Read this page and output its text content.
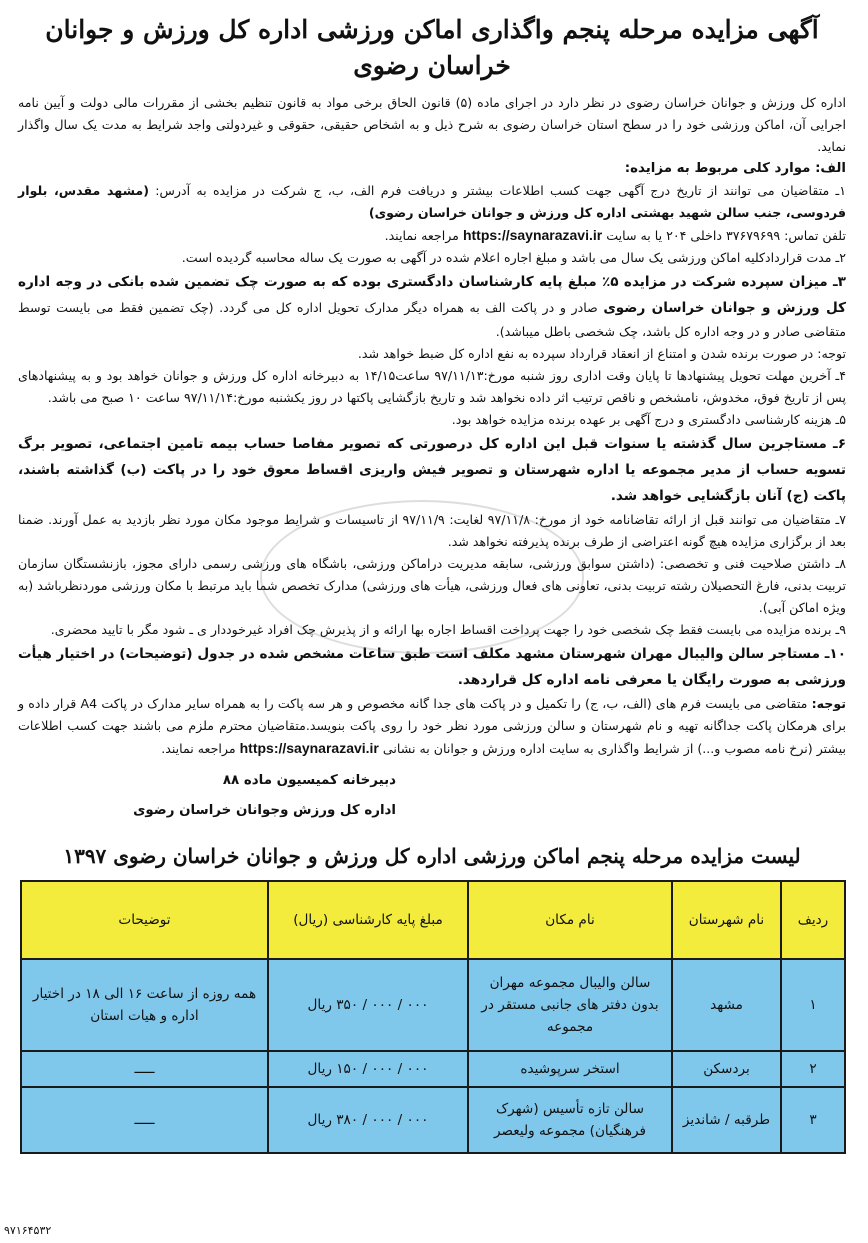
آگهی مزایده مرحله پنجم واگذاری اماکن ورزشی اداره کل ورزش و جوانان خراسان رضوی

اداره کل ورزش و جوانان خراسان رضوی در نظر دارد در اجرای ماده (۵) قانون الحاق برخی مواد به قانون تنظیم بخشی از مقررات مالی دولت و آیین نامه اجرایی آن، اماکن ورزشی خود را در سطح استان خراسان رضوی به شرح ذیل و به اشخاص حقیقی، حقوقی و غیردولتی واجد شرایط به مدت یک سال واگذار نماید.

الف: موارد کلی مربوط به مزایده:

۱ـ متقاضیان می توانند از تاریخ درج آگهی جهت کسب اطلاعات بیشتر و دریافت فرم الف، ب، ج شرکت در مزایده به آدرس: (مشهد مقدس، بلوار فردوسی، جنب سالن شهید بهشتی اداره کل ورزش و جوانان خراسان رضوی)
تلفن تماس: ۳۷۶۷۹۶۹۹ داخلی ۲۰۴ یا به سایت https://saynarazavi.ir مراجعه نمایند.

۲ـ مدت قراردادکلیه اماکن ورزشی یک سال می باشد و مبلغ اجاره اعلام شده در آگهی به صورت یک ساله محاسبه گردیده است.

۳ـ میزان سپرده شرکت در مزایده ۵٪ مبلغ پایه کارشناسان دادگستری بوده که به صورت چک تضمین شده بانکی در وجه اداره کل ورزش و جوانان خراسان رضوی صادر و در پاکت الف به همراه دیگر مدارک تحویل اداره کل می گردد. (چک تضمین فقط می بایست توسط متقاضی صادر و در وجه اداره کل باشد، چک شخصی باطل میباشد).

توجه: در صورت برنده شدن و امتناع از انعقاد قرارداد سپرده به نفع اداره کل ضبط خواهد شد.

۴ـ آخرین مهلت تحویل پیشنهادها تا پایان وقت اداری روز شنبه مورخ:۹۷/۱۱/۱۳ ساعت۱۴/۱۵ به دبیرخانه اداره کل ورزش و جوانان خواهد بود و به پیشنهادهای پس از تاریخ فوق، مخدوش، نامشخص و ناقص ترتیب اثر داده نخواهد شد و تاریخ بازگشایی پاکتها در روز یکشنبه مورخ:۹۷/۱۱/۱۴ ساعت ۱۰ صبح می باشد.

۵ـ هزینه کارشناسی دادگستری و درج آگهی بر عهده برنده مزایده خواهد بود.

۶ـ مستاجرین سال گذشته یا سنوات قبل این اداره کل درصورتی که تصویر مفاصا حساب بیمه تامین اجتماعی، تصویر برگ تسویه حساب از مدیر مجموعه یا اداره شهرستان و تصویر فیش واریزی اقساط معوق خود را در پاکت (ب) گذاشته باشند، پاکت (ج) آنان بازگشایی خواهد شد.

۷ـ متقاضیان می توانند قبل از ارائه تقاضانامه خود از مورخ: ۹۷/۱۱/۸ لغایت: ۹۷/۱۱/۹ از تاسیسات و شرایط موجود مکان مورد نظر بازدید به عمل آورند. ضمنا بعد از برگزاری مزایده هیچ گونه اعتراضی از طرف برنده پذیرفته نخواهد شد.

۸ـ داشتن صلاحیت فنی و تخصصی: (داشتن سوابق ورزشی، سابقه مدیریت دراماکن ورزشی، باشگاه های ورزشی رسمی دارای مجوز، بازنشستگان سازمان تربیت بدنی، فارغ التحصیلان رشته تربیت بدنی، تعاونی های فعال ورزشی، هیأت های ورزشی) مدارک تخصص شما باید مرتبط با مکان ورزشی موردنظرباشد (به ویژه اماکن آبی).

۹ـ برنده مزایده می بایست فقط چک شخصی خود را جهت پرداخت اقساط اجاره بها ارائه و از پذیرش چک افراد غیرخوددار ی ـ شود مگر با تایید محضری.

۱۰ـ مستاجر سالن والیبال مهران شهرستان مشهد مکلف است طبق ساعات مشخص شده در جدول (توضیحات) در اختیار هیأت ورزشی به صورت رایگان یا معرفی نامه اداره کل قراردهد.

توجه: متقاضی می بایست فرم های (الف، ب، ج) را تکمیل و در پاکت های جدا گانه مخصوص و هر سه پاکت را به همراه سایر مدارک در پاکت A4 قرار داده و برای هرمکان پاکت جداگانه تهیه و نام شهرستان و سالن ورزشی مورد نظر خود را روی پاکت بنویسد.متقاضیان محترم ملزم می باشند جهت کسب اطلاعات بیشتر (نرخ نامه مصوب و...) از شرایط واگذاری به سایت اداره ورزش و جوانان به نشانی https://saynarazavi.ir مراجعه نمایند.

دبیرخانه کمیسیون ماده ۸۸
اداره کل ورزش وجوانان خراسان رضوی
لیست مزایده مرحله پنجم اماکن ورزشی اداره کل ورزش و جوانان خراسان رضوی ۱۳۹۷
ردیف	نام شهرستان	نام مکان	مبلغ پایه کارشناسی (ریال)	توضیحات
۱	مشهد	سالن والیبال مجموعه مهران بدون دفتر های جانبی مستقر در مجموعه	۰۰۰ / ۰۰۰ / ۳۵۰ ریال	همه روزه از ساعت ۱۶ الی ۱۸ در اختیار اداره و هیات استان
۲	بردسکن	استخر سرپوشیده	۰۰۰ / ۰۰۰ / ۱۵۰ ریال	ـــــ
۳	طرقبه / شاندیز	سالن تازه تأسیس (شهرک فرهنگیان) مجموعه ولیعصر	۰۰۰ / ۰۰۰ / ۳۸۰ ریال	ـــــ
۹۷۱۶۴۵۳۲
